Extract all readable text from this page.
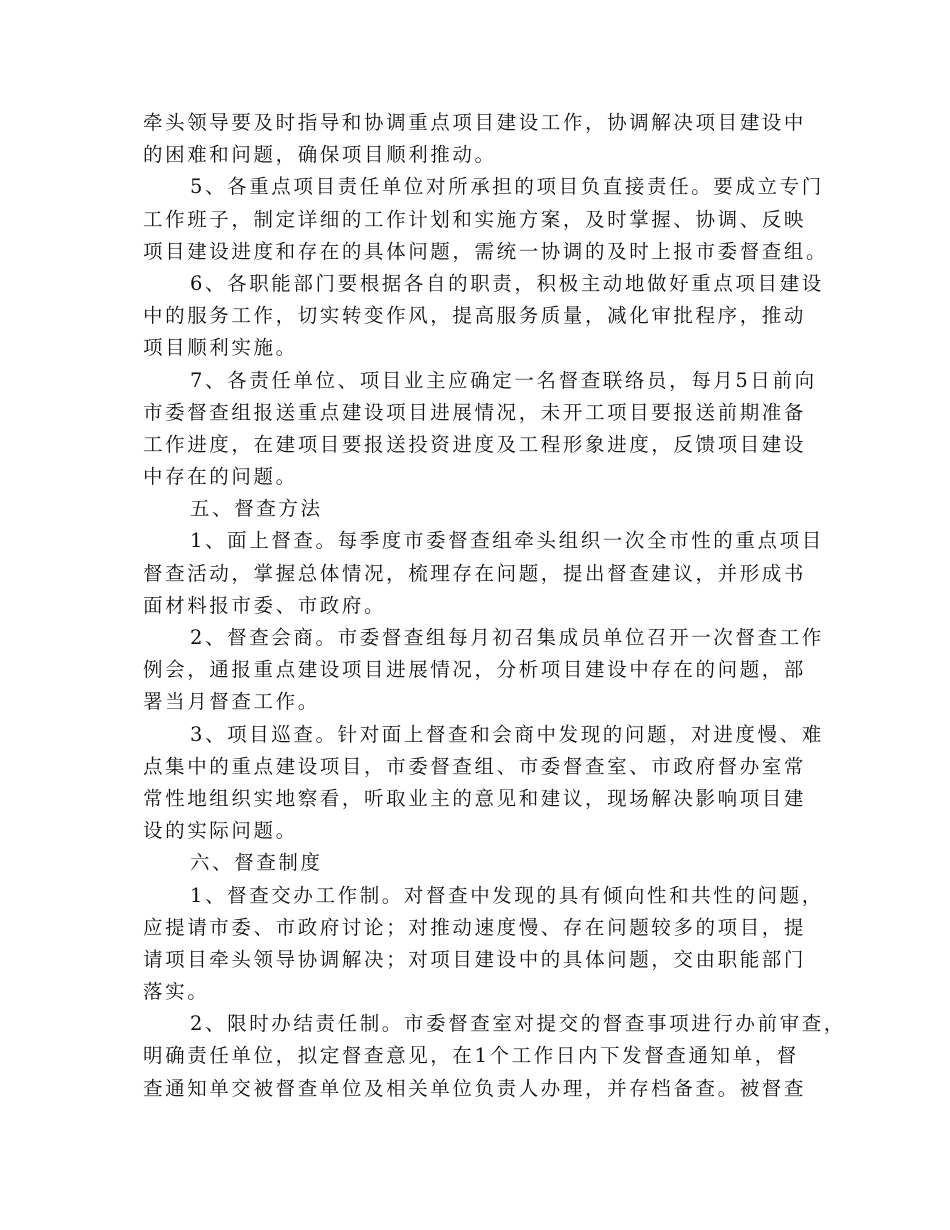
牵头领导要及时指导和协调重点项目建设工作，协调解决项目建设中
的困难和问题，确保项目顺利推动。
5、各重点项目责任单位对所承担的项目负直接责任。要成立专门
工作班子，制定详细的工作计划和实施方案，及时掌握、协调、反映
项目建设进度和存在的具体问题，需统一协调的及时上报市委督查组。
6、各职能部门要根据各自的职责，积极主动地做好重点项目建设
中的服务工作，切实转变作风，提高服务质量，减化审批程序，推动
项目顺利实施。
7、各责任单位、项目业主应确定一名督查联络员，每月5日前向
市委督查组报送重点建设项目进展情况，未开工项目要报送前期准备
工作进度，在建项目要报送投资进度及工程形象进度，反馈项目建设
中存在的问题。
五、督查方法
1、面上督查。每季度市委督查组牵头组织一次全市性的重点项目
督查活动，掌握总体情况，梳理存在问题，提出督查建议，并形成书
面材料报市委、市政府。
2、督查会商。市委督查组每月初召集成员单位召开一次督查工作
例会，通报重点建设项目进展情况，分析项目建设中存在的问题，部
署当月督查工作。
3、项目巡查。针对面上督查和会商中发现的问题，对进度慢、难
点集中的重点建设项目，市委督查组、市委督查室、市政府督办室常
常性地组织实地察看，听取业主的意见和建议，现场解决影响项目建
设的实际问题。
六、督查制度
1、督查交办工作制。对督查中发现的具有倾向性和共性的问题，
应提请市委、市政府讨论；对推动速度慢、存在问题较多的项目，提
请项目牵头领导协调解决；对项目建设中的具体问题，交由职能部门
落实。
2、限时办结责任制。市委督查室对提交的督查事项进行办前审查，
明确责任单位，拟定督查意见，在1个工作日内下发督查通知单，督
查通知单交被督查单位及相关单位负责人办理，并存档备查。被督查
